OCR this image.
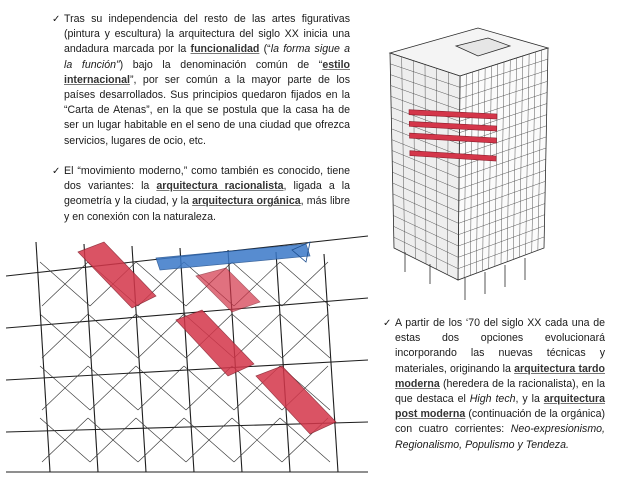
✓ Tras su independencia del resto de las artes figurativas (pintura y escultura) la arquitectura del siglo XX inicia una andadura marcada por la funcionalidad (“la forma sigue a la función”) bajo la denominación común de “estilo internacional”, por ser común a la mayor parte de los países desarrollados. Sus principios quedaron fijados en la “Carta de Atenas”, en la que se postula que la casa ha de ser un lugar habitable en el seno de una ciudad que ofrezca servicios, lugares de ocio, etc.
✓ El “movimiento moderno,” como también es conocido, tiene dos variantes: la arquitectura racionalista, ligada a la geometría y la ciudad, y la arquitectura orgánica, más libre y en conexión con la naturaleza.
✓ A partir de los ‘70 del siglo XX cada una de estas dos opciones evolucionará incorporando las nuevas técnicas y materiales, originando la arquitectura tardo moderna (heredera de la racionalista), en la que destaca el High tech, y la arquitectura post moderna (continuación de la orgánica) con cuatro corrientes: Neo-expresionismo, Regionalismo, Populismo y Tendeza.
